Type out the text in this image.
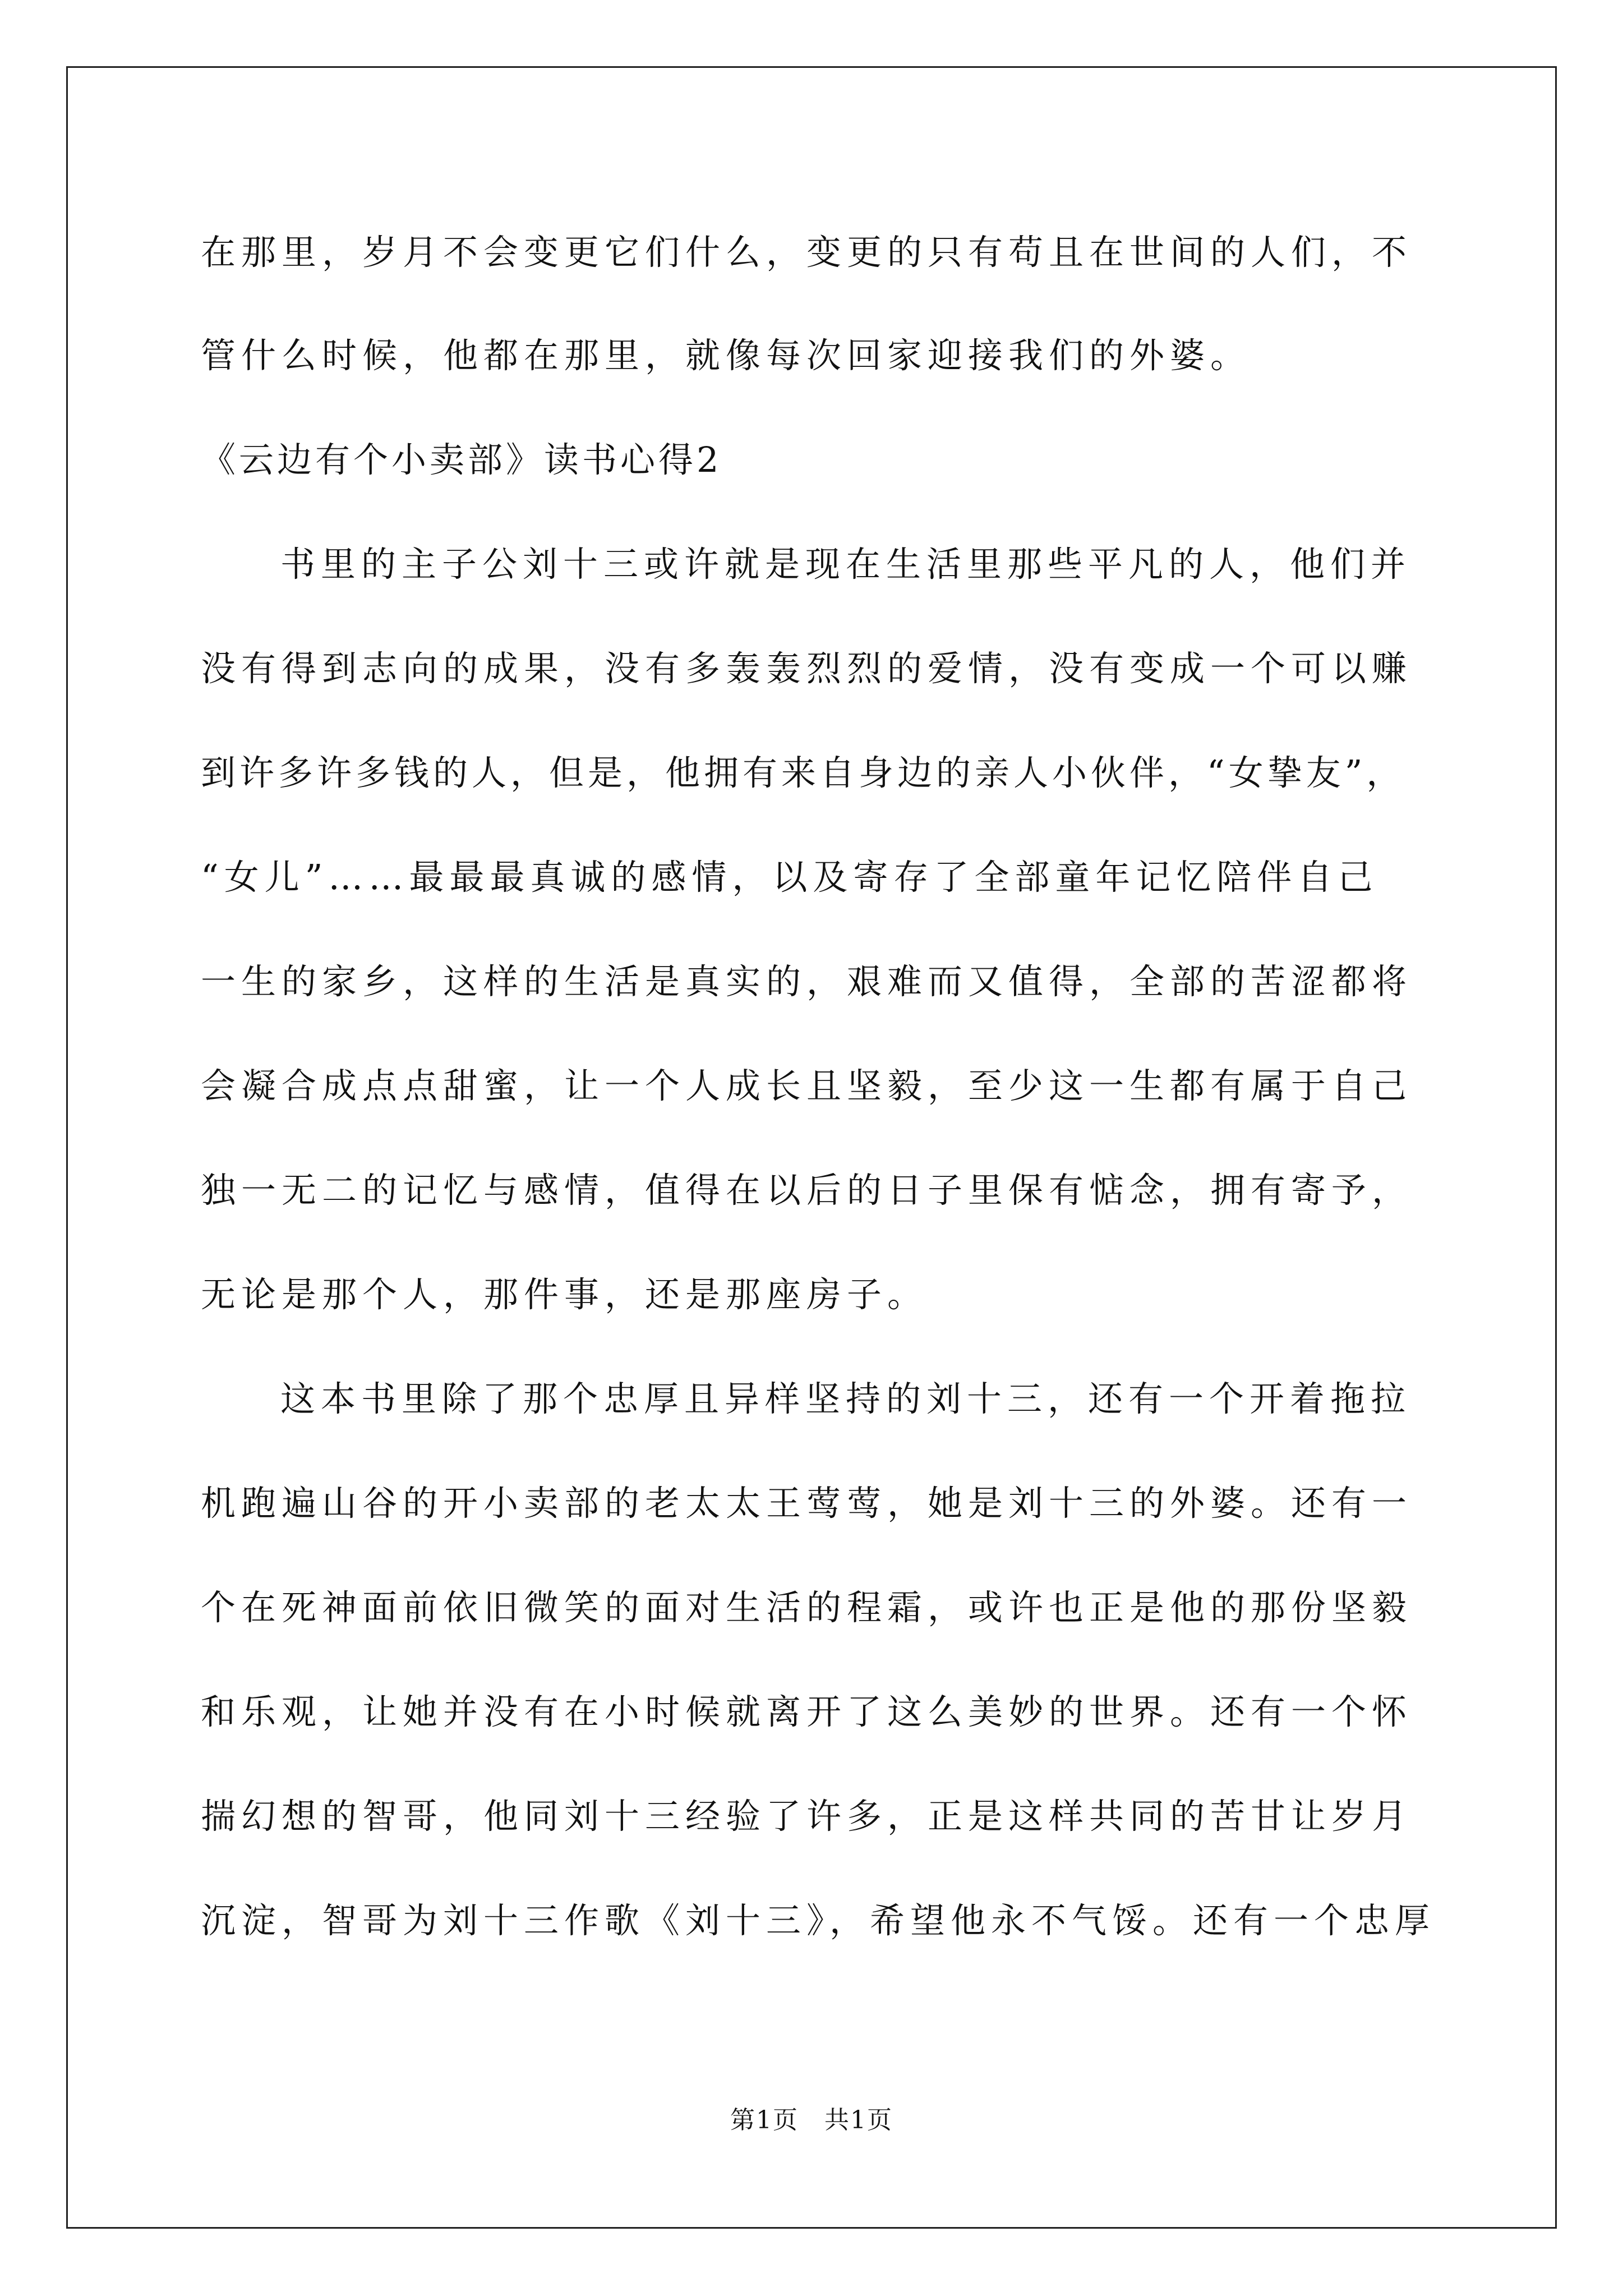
在那里，岁月不会变更它们什么，变更的只有苟且在世间的人们，不
管什么时候，他都在那里，就像每次回家迎接我们的外婆。
《云边有个小卖部》读书心得2
书里的主子公刘十三或许就是现在生活里那些平凡的人，他们并
没有得到志向的成果，没有多轰轰烈烈的爱情，没有变成一个可以赚
到许多许多钱的人，但是，他拥有来自身边的亲人小伙伴，“女挚友”，
“女儿”……最最最真诚的感情，以及寄存了全部童年记忆陪伴自己
一生的家乡，这样的生活是真实的，艰难而又值得，全部的苦涩都将
会凝合成点点甜蜜，让一个人成长且坚毅，至少这一生都有属于自己
独一无二的记忆与感情，值得在以后的日子里保有惦念，拥有寄予，
无论是那个人，那件事，还是那座房子。
这本书里除了那个忠厚且异样坚持的刘十三，还有一个开着拖拉
机跑遍山谷的开小卖部的老太太王莺莺，她是刘十三的外婆。还有一
个在死神面前依旧微笑的面对生活的程霜，或许也正是他的那份坚毅
和乐观，让她并没有在小时候就离开了这么美妙的世界。还有一个怀
揣幻想的智哥，他同刘十三经验了许多，正是这样共同的苦甘让岁月
沉淀，智哥为刘十三作歌《刘十三》，希望他永不气馁。还有一个忠厚
第1页　共1页
